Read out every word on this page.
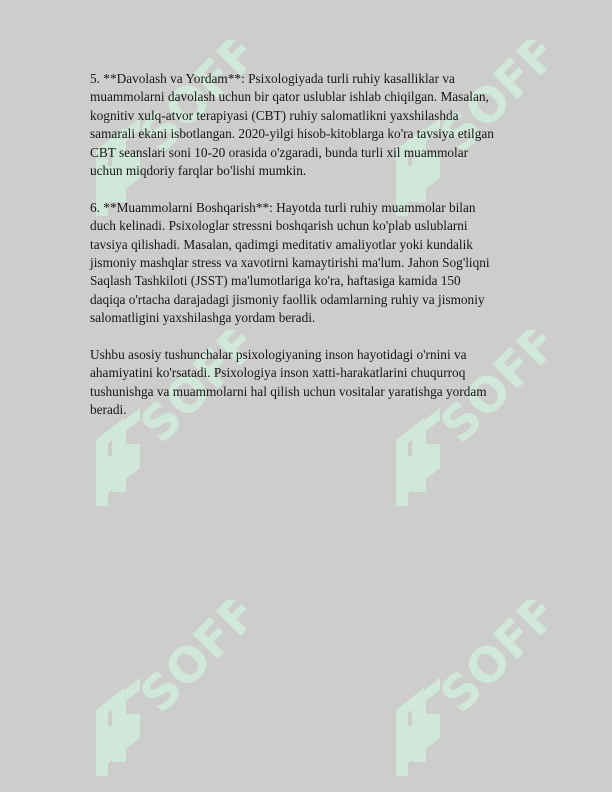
SOFF	SOFF
SOFF	SOFF
SOFF	SOFF

5. **Davolash va Yordam**: Psixologiyada turli ruhiy kasalliklar va
muammolarni davolash uchun bir qator uslublar ishlab chiqilgan. Masalan,
kognitiv xulq-atvor terapiyasi (CBT) ruhiy salomatlikni yaxshilashda
samarali ekani isbotlangan. 2020-yilgi hisob-kitoblarga ko'ra tavsiya etilgan
CBT seanslari soni 10-20 orasida o'zgaradi, bunda turli xil muammolar
uchun miqdoriy farqlar bo'lishi mumkin.

6. **Muammolarni Boshqarish**: Hayotda turli ruhiy muammolar bilan
duch kelinadi. Psixologlar stressni boshqarish uchun ko'plab uslublarni
tavsiya qilishadi. Masalan, qadimgi meditativ amaliyotlar yoki kundalik
jismoniy mashqlar stress va xavotirni kamaytirishi ma'lum. Jahon Sog'liqni
Saqlash Tashkiloti (JSST) ma'lumotlariga ko'ra, haftasiga kamida 150
daqiqa o'rtacha darajadagi jismoniy faollik odamlarning ruhiy va jismoniy
salomatligini yaxshilashga yordam beradi.

Ushbu asosiy tushunchalar psixologiyaning inson hayotidagi o'rnini va
ahamiyatini ko'rsatadi. Psixologiya inson xatti-harakatlarini chuqurroq
tushunishga va muammolarni hal qilish uchun vositalar yaratishga yordam
beradi.
